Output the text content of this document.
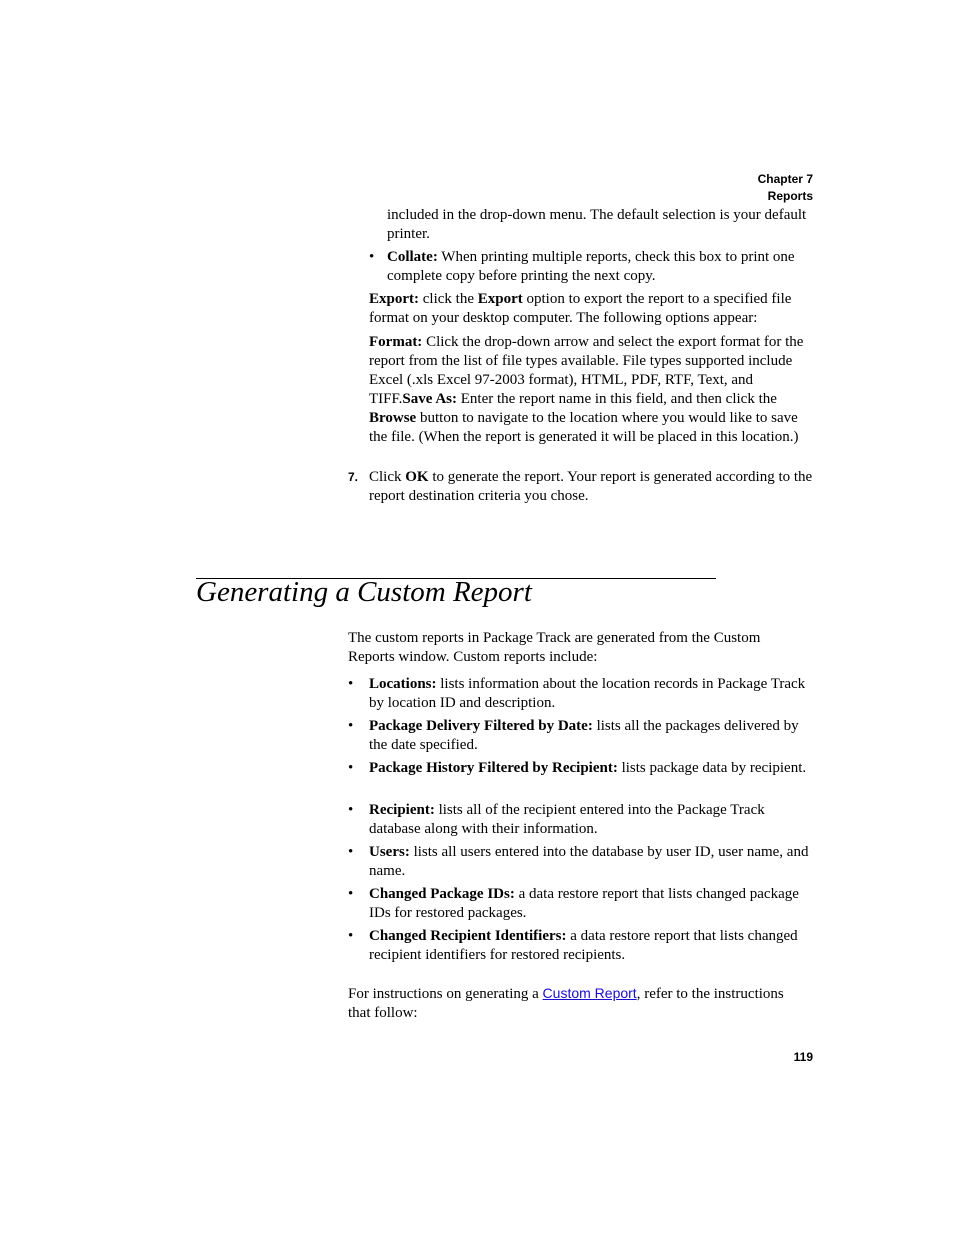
Chapter 7
Reports

included in the drop-down menu. The default selection is your default printer.

• Collate: When printing multiple reports, check this box to print one complete copy before printing the next copy.

Export: click the Export option to export the report to a specified file format on your desktop computer. The following options appear:

Format: Click the drop-down arrow and select the export format for the report from the list of file types available. File types supported include Excel (.xls Excel 97-2003 format), HTML, PDF, RTF, Text, and TIFF.Save As: Enter the report name in this field, and then click the Browse button to navigate to the location where you would like to save the file. (When the report is generated it will be placed in this location.)

7. Click OK to generate the report. Your report is generated according to the report destination criteria you chose.

Generating a Custom Report

The custom reports in Package Track are generated from the Custom Reports window. Custom reports include:

• Locations: lists information about the location records in Package Track by location ID and description.

• Package Delivery Filtered by Date: lists all the packages delivered by the date specified.

• Package History Filtered by Recipient: lists package data by recipient.

• Recipient: lists all of the recipient entered into the Package Track database along with their information.

• Users: lists all users entered into the database by user ID, user name, and name.

• Changed Package IDs: a data restore report that lists changed package IDs for restored packages.

• Changed Recipient Identifiers: a data restore report that lists changed recipient identifiers for restored recipients.

For instructions on generating a Custom Report, refer to the instructions that follow:

119
